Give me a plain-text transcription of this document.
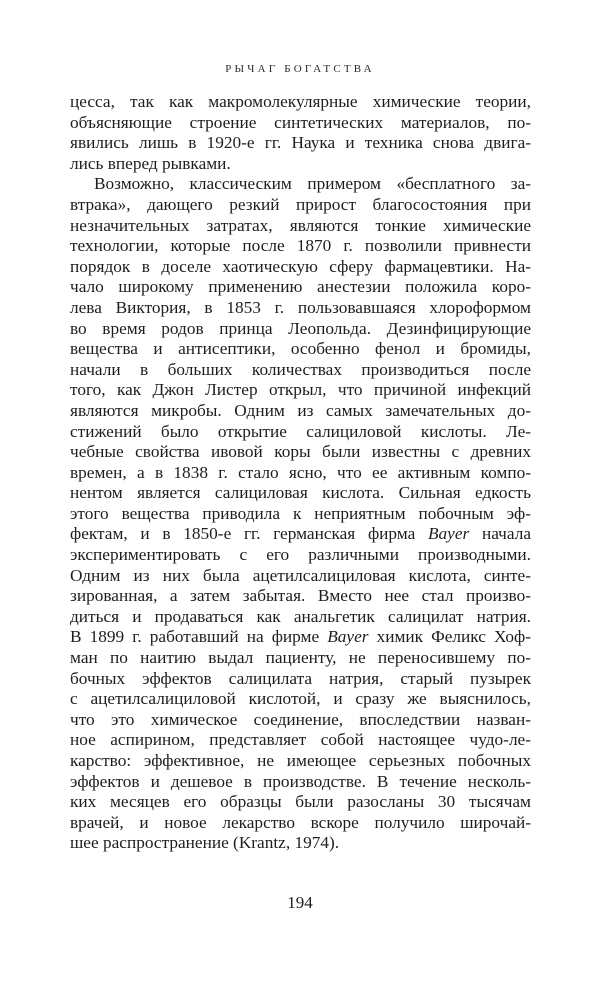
РЫЧАГ БОГАТСТВА
цесса, так как макромолекулярные химические теории,
объясняющие строение синтетических материалов, по-
явились лишь в 1920-е гг. Наука и техника снова двига-
лись вперед рывками.
Возможно, классическим примером «бесплатного за-
втрака», дающего резкий прирост благосостояния при
незначительных затратах, являются тонкие химические
технологии, которые после 1870 г. позволили привнести
порядок в доселе хаотическую сферу фармацевтики. На-
чало широкому применению анестезии положила коро-
лева Виктория, в 1853 г. пользовавшаяся хлороформом
во время родов принца Леопольда. Дезинфицирующие
вещества и антисептики, особенно фенол и бромиды,
начали в больших количествах производиться после
того, как Джон Листер открыл, что причиной инфекций
являются микробы. Одним из самых замечательных до-
стижений было открытие салициловой кислоты. Ле-
чебные свойства ивовой коры были известны с древних
времен, а в 1838 г. стало ясно, что ее активным компо-
нентом является салициловая кислота. Сильная едкость
этого вещества приводила к неприятным побочным эф-
фектам, и в 1850-е гг. германская фирма Bayer начала
экспериментировать с его различными производными.
Одним из них была ацетилсалициловая кислота, синте-
зированная, а затем забытая. Вместо нее стал произво-
диться и продаваться как анальгетик салицилат натрия.
В 1899 г. работавший на фирме Bayer химик Феликс Хоф-
ман по наитию выдал пациенту, не переносившему по-
бочных эффектов салицилата натрия, старый пузырек
с ацетилсалициловой кислотой, и сразу же выяснилось,
что это химическое соединение, впоследствии назван-
ное аспирином, представляет собой настоящее чудо-ле-
карство: эффективное, не имеющее серьезных побочных
эффектов и дешевое в производстве. В течение несколь-
ких месяцев его образцы были разосланы 30 тысячам
врачей, и новое лекарство вскоре получило широчай-
шее распространение (Krantz, 1974).
194
